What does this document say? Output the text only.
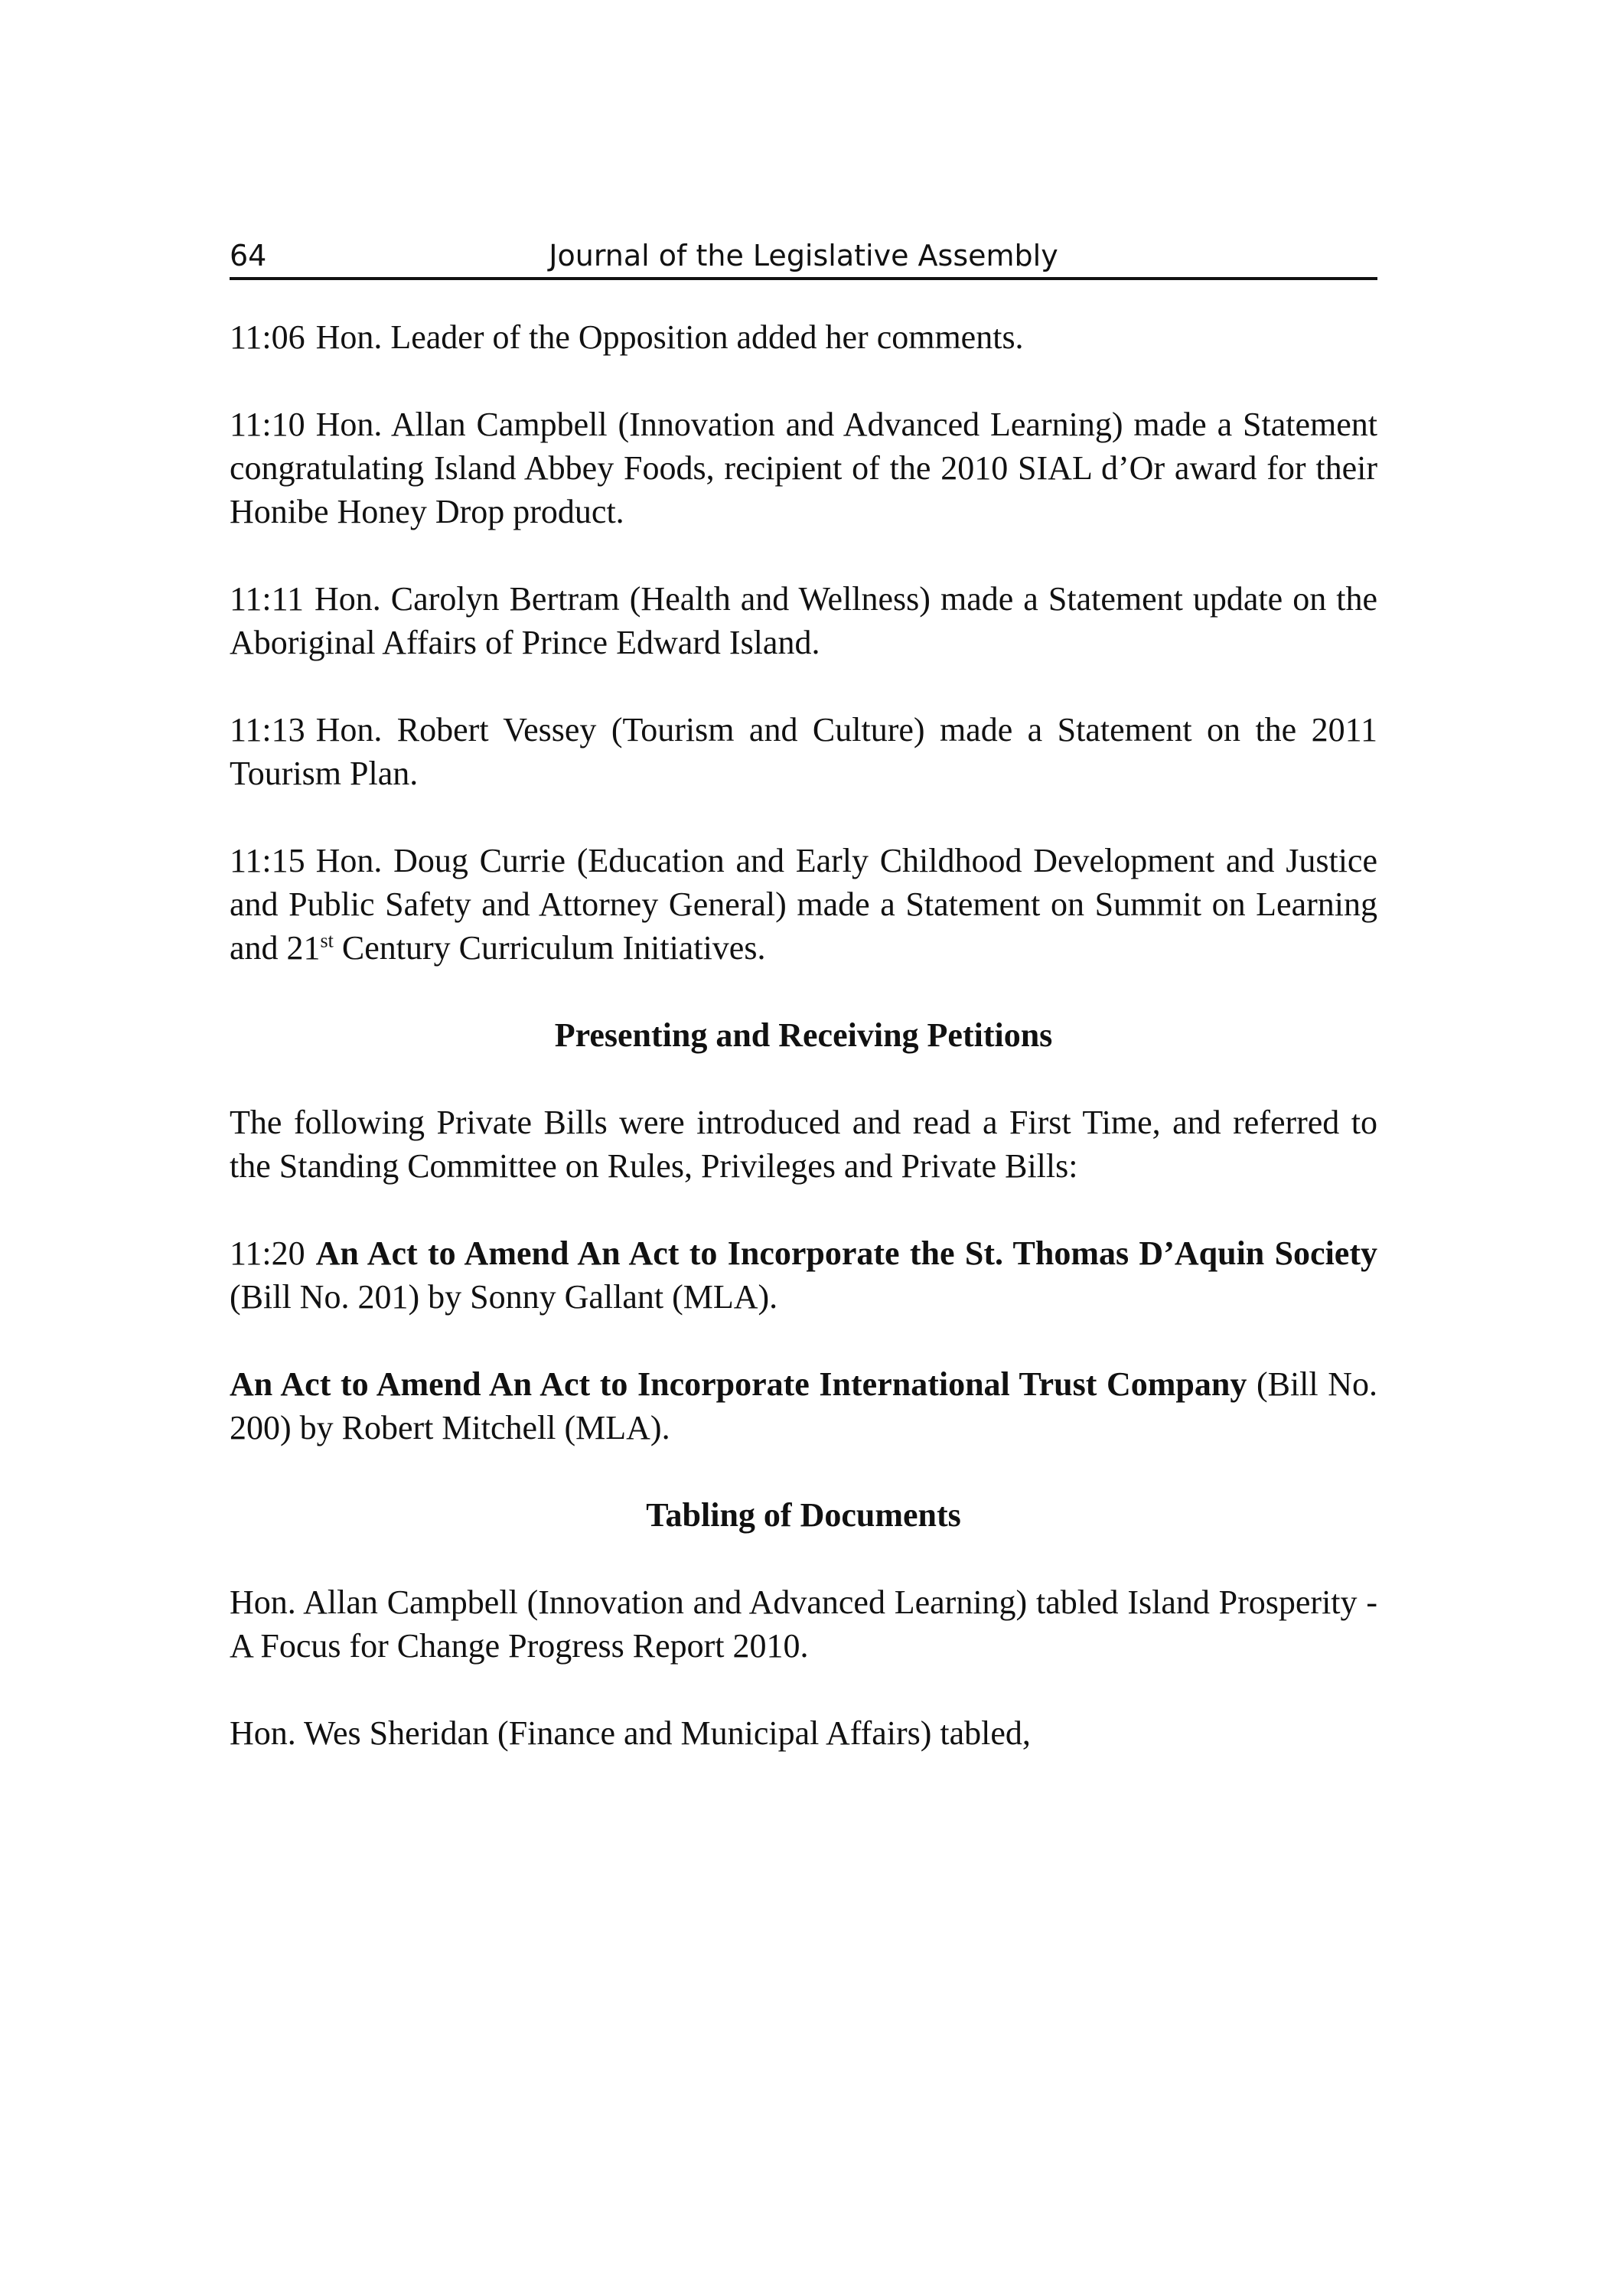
64	Journal of the Legislative Assembly

11:06 Hon. Leader of the Opposition added her comments.

11:10 Hon. Allan Campbell (Innovation and Advanced Learning) made a Statement congratulating Island Abbey Foods, recipient of the 2010 SIAL d’Or award for their Honibe Honey Drop product.

11:11 Hon. Carolyn Bertram (Health and Wellness) made a Statement update on the Aboriginal Affairs of Prince Edward Island.

11:13 Hon. Robert Vessey (Tourism and Culture) made a Statement on the 2011 Tourism Plan.

11:15 Hon. Doug Currie (Education and Early Childhood Development and Justice and Public Safety and Attorney General) made a Statement on Summit on Learning and 21st Century Curriculum Initiatives.

Presenting and Receiving Petitions

The following Private Bills were introduced and read a First Time, and referred to the Standing Committee on Rules, Privileges and Private Bills:

11:20 An Act to Amend An Act to Incorporate the St. Thomas D’Aquin Society (Bill No. 201) by Sonny Gallant (MLA).

An Act to Amend An Act to Incorporate International Trust Company (Bill No. 200) by Robert Mitchell (MLA).

Tabling of Documents

Hon. Allan Campbell (Innovation and Advanced Learning) tabled Island Prosperity - A Focus for Change Progress Report 2010.

Hon. Wes Sheridan (Finance and Municipal Affairs) tabled,
